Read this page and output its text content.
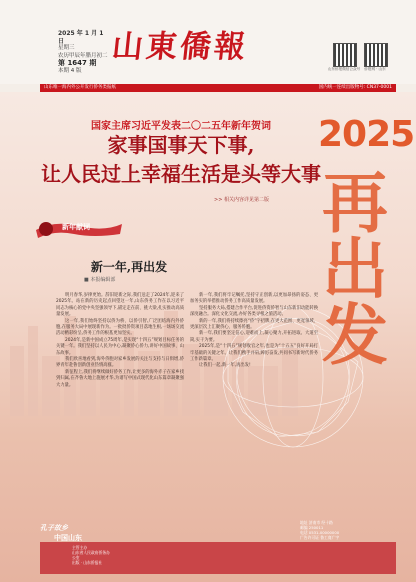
2025 年 1 月 1 日
星期三
农历甲辰年腊月初二
第 1647 期
本期 4 版
山東僑報
山东侨报微信公众号	侨报网 · 山东
山东唯一海内外公开发行侨务类报纸	国内统一连续出版物号: CN37-0001
2025
再
出
发
国家主席习近平发表二〇二五年新年贺词
家事国事天下事,
让人民过上幸福生活是头等大事
>> 相关内容详见第二版
新年献词
新一年,再出发
■ 本报编辑部

明月春华,岁律更始。辞旧迎新之际,我们送走了2024年,迎来了2025年。站在新的历史起点回望这一年,山东侨务工作在以习近平同志为核心的党中央坚强领导下,锚定走在前、挑大梁,扎实推动高质量发展。

这一年,我们始终坚持以侨为桥、以侨引智,广泛团结海内外侨胞,在服务大局中展现新作为。一批批侨资项目落地生根,一场场交流活动精彩纷呈,侨务工作的根基更加坚实。

2024年,是新中国成立75周年,是实现“十四五”规划目标任务的关键一年。我们坚持以人民为中心,凝聚侨心侨力,讲好中国故事、山东故事。

我们欣喜地看到,海外侨胞对家乡发展的关注与支持与日俱增,侨界青年赴鲁创新创业热情高涨。

新征程上,我们将继续做好侨务工作,让更多的海外赤子在家乡找到归属,在齐鲁大地上施展才华,为谱写中国式现代化山东篇章凝聚强大力量。

新一年,我们将牢记嘱托,坚持守正创新,以更加昂扬的姿态、更加务实的举措推动侨务工作高质量发展。

坚持服务大局,搭建合作平台,促进侨资侨智与山东新旧动能转换深度融合。深化文化交流,办好各类寻根之旅活动。

新的一年,我们将持续擦亮“侨”字招牌,在更大范围、更宽领域、更深层次上汇聚侨心、服务侨胞。

新一年,我们要坚定信心,迎难而上,凝心聚力,开拓进取。大道至简,实干为要。

2025年,是“十四五”规划收官之年,也是为“十五五”良好开局打牢基础的关键之年。让我们携手并肩,踔厉奋发,共同书写新时代侨务工作新篇章。

让我们一起,新一年,再出发!

孔子故乡
中国山东
主管主办
山东省人民政府侨务办公室
出版 · 山东侨报社
地址 济南市 经十路
邮编 250011
电话 0531-00000000
广告许可证 鲁工商广字
